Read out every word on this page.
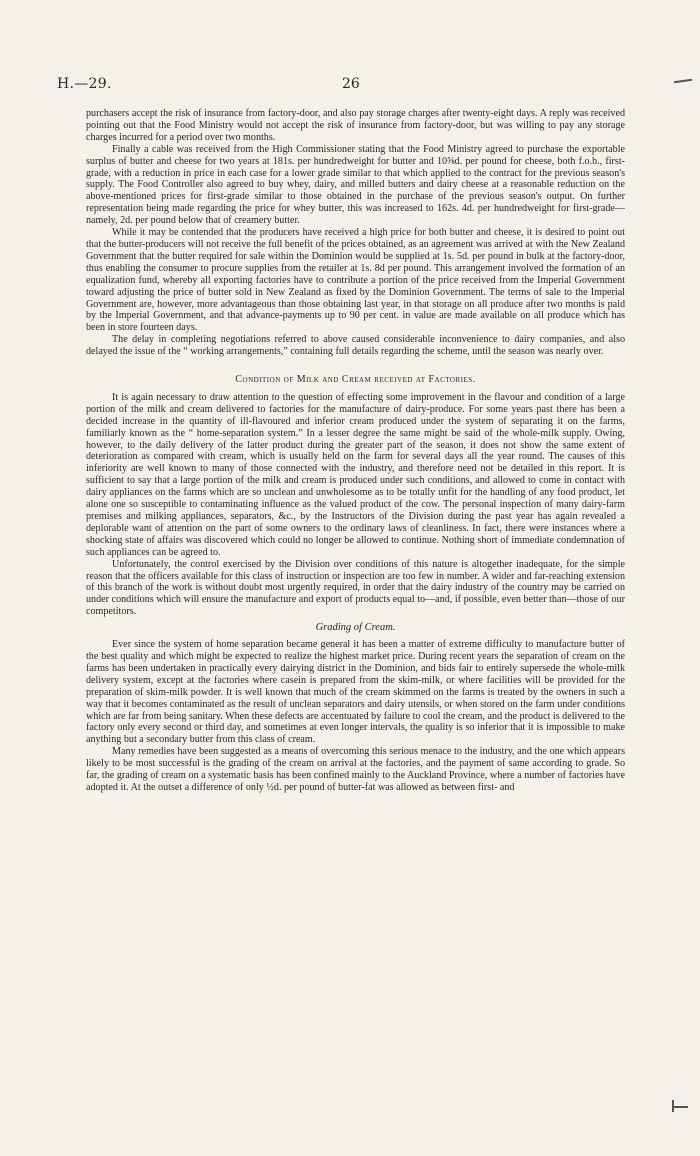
H.—29.	26

purchasers accept the risk of insurance from factory-door, and also pay storage charges after twenty-eight days. A reply was received pointing out that the Food Ministry would not accept the risk of insurance from factory-door, but was willing to pay any storage charges incurred for a period over two months.

Finally a cable was received from the High Commissioner stating that the Food Ministry agreed to purchase the exportable surplus of butter and cheese for two years at 181s. per hundredweight for butter and 10⅝d. per pound for cheese, both f.o.b., first-grade, with a reduction in price in each case for a lower grade similar to that which applied to the contract for the previous season's supply. The Food Controller also agreed to buy whey, dairy, and milled butters and dairy cheese at a reasonable reduction on the above-mentioned prices for first-grade similar to those obtained in the purchase of the previous season's output. On further representation being made regarding the price for whey butter, this was increased to 162s. 4d. per hundredweight for first-grade—namely, 2d. per pound below that of creamery butter.

While it may be contended that the producers have received a high price for both butter and cheese, it is desired to point out that the butter-producers will not receive the full benefit of the prices obtained, as an agreement was arrived at with the New Zealand Government that the butter required for sale within the Dominion would be supplied at 1s. 5d. per pound in bulk at the factory-door, thus enabling the consumer to procure supplies from the retailer at 1s. 8d per pound. This arrangement involved the formation of an equalization fund, whereby all exporting factories have to contribute a portion of the price received from the Imperial Government toward adjusting the price of butter sold in New Zealand as fixed by the Dominion Government. The terms of sale to the Imperial Government are, however, more advantageous than those obtaining last year, in that storage on all produce after two months is paid by the Imperial Government, and that advance-payments up to 90 per cent. in value are made available on all produce which has been in store fourteen days.

The delay in completing negotiations referred to above caused considerable inconvenience to dairy companies, and also delayed the issue of the “ working arrangements,” containing full details regarding the scheme, until the season was nearly over.

Condition of Milk and Cream received at Factories.

It is again necessary to draw attention to the question of effecting some improvement in the flavour and condition of a large portion of the milk and cream delivered to factories for the manufacture of dairy-produce. For some years past there has been a decided increase in the quantity of ill-flavoured and inferior cream produced under the system of separating it on the farms, familiarly known as the “ home-separation system.” In a lesser degree the same might be said of the whole-milk supply. Owing, however, to the daily delivery of the latter product during the greater part of the season, it does not show the same extent of deterioration as compared with cream, which is usually held on the farm for several days all the year round. The causes of this inferiority are well known to many of those connected with the industry, and therefore need not be detailed in this report. It is sufficient to say that a large portion of the milk and cream is produced under such conditions, and allowed to come in contact with dairy appliances on the farms which are so unclean and unwholesome as to be totally unfit for the handling of any food product, let alone one so susceptible to contaminating influence as the valued product of the cow. The personal inspection of many dairy-farm premises and milking appliances, separators, &c., by the Instructors of the Division during the past year has again revealed a deplorable want of attention on the part of some owners to the ordinary laws of cleanliness. In fact, there were instances where a shocking state of affairs was discovered which could no longer be allowed to continue. Nothing short of immediate condemnation of such appliances can be agreed to.

Unfortunately, the control exercised by the Division over conditions of this nature is altogether inadequate, for the simple reason that the officers available for this class of instruction or inspection are too few in number. A wider and far-reaching extension of this branch of the work is without doubt most urgently required, in order that the dairy industry of the country may be carried on under conditions which will ensure the manufacture and export of products equal to—and, if possible, even better than—those of our competitors.

Grading of Cream.

Ever since the system of home separation became general it has been a matter of extreme difficulty to manufacture butter of the best quality and which might be expected to realize the highest market price. During recent years the separation of cream on the farms has been undertaken in practically every dairying district in the Dominion, and bids fair to entirely supersede the whole-milk delivery system, except at the factories where casein is prepared from the skim-milk, or where facilities will be provided for the preparation of skim-milk powder. It is well known that much of the cream skimmed on the farms is treated by the owners in such a way that it becomes contaminated as the result of unclean separators and dairy utensils, or when stored on the farm under conditions which are far from being sanitary. When these defects are accentuated by failure to cool the cream, and the product is delivered to the factory only every second or third day, and sometimes at even longer intervals, the quality is so inferior that it is impossible to make anything but a secondary butter from this class of cream.

Many remedies have been suggested as a means of overcoming this serious menace to the industry, and the one which appears likely to be most successful is the grading of the cream on arrival at the factories, and the payment of same according to grade. So far, the grading of cream on a systematic basis has been confined mainly to the Auckland Province, where a number of factories have adopted it. At the outset a difference of only ½d. per pound of butter-fat was allowed as between first- and
